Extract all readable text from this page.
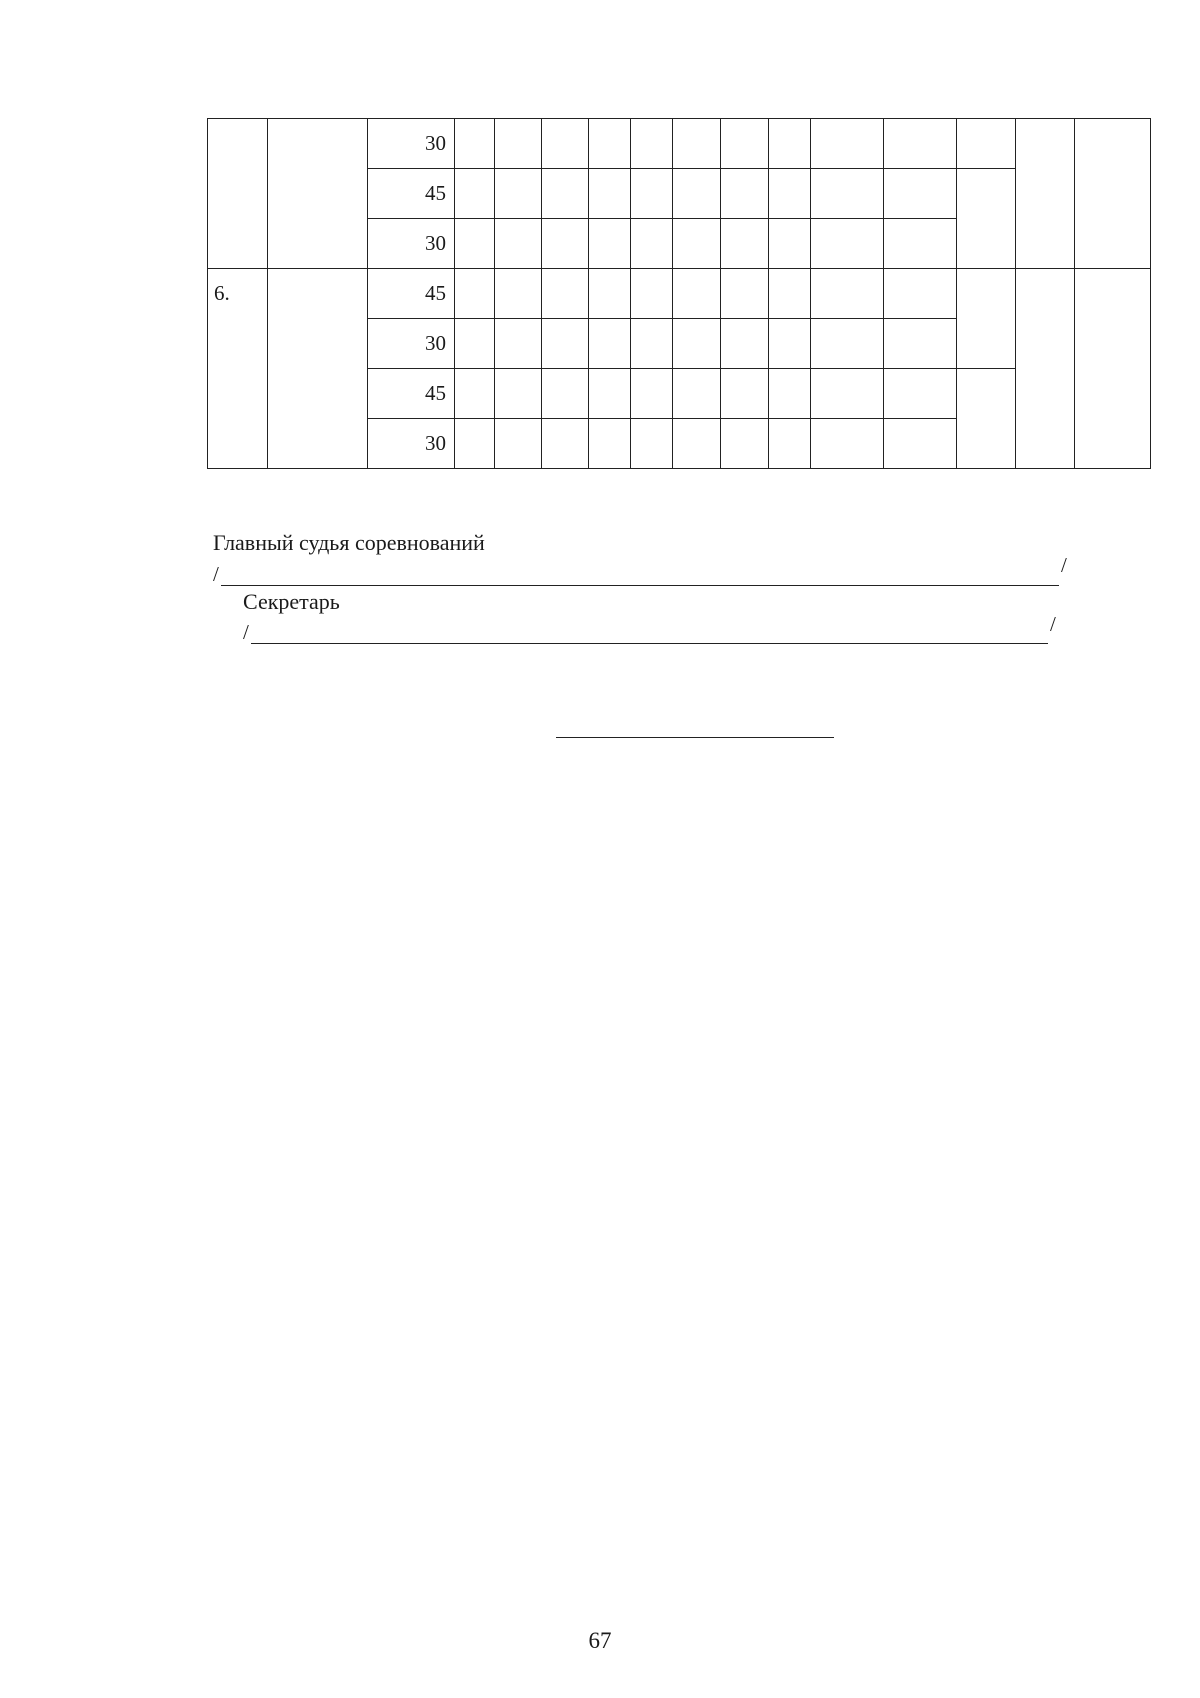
		30													
		45													
		30													
6.		45													
		30													
		45													
		30													
Главный судья соревнований
/	/
Секретарь
/	/
67
